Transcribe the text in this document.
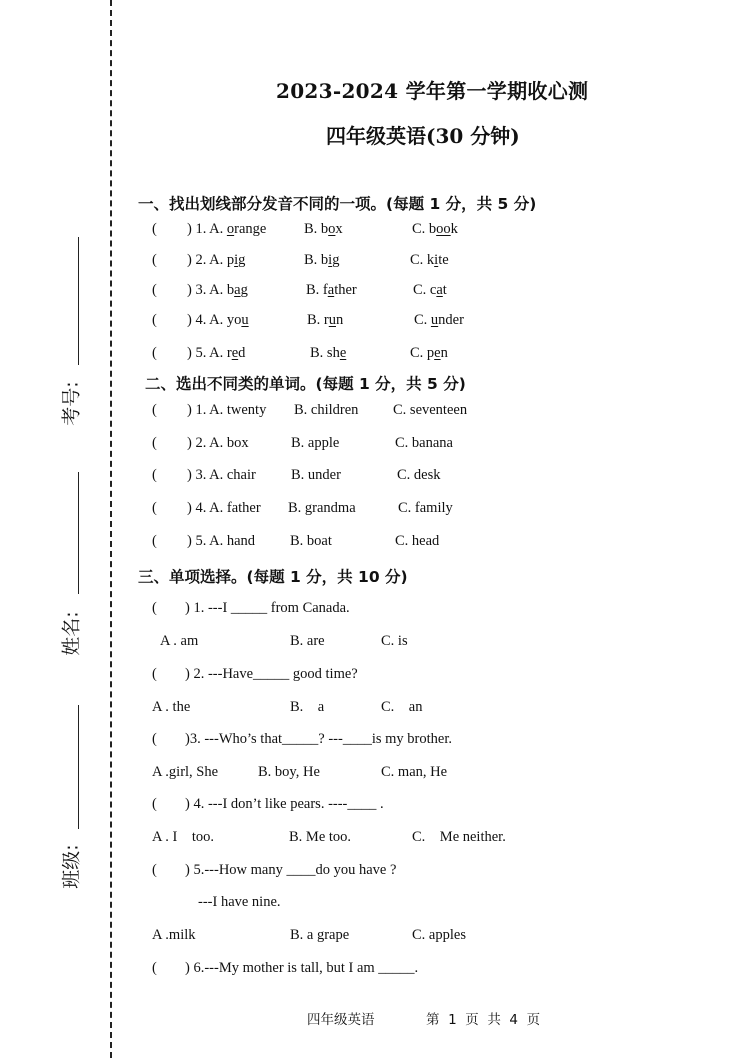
考号:
姓名:
班级:
2023-2024 学年第一学期收心测
四年级英语(30 分钟)
一、找出划线部分发音不同的一项。(每题 1 分，共 5 分)
( ) 1. A. orange	B. box	C. book
( ) 2. A. pig	B. big	C. kite
( ) 3. A. bag	B. father	C. cat
( ) 4. A. you	B. run	C. under
( ) 5. A. red	B. she	C. pen
二、选出不同类的单词。(每题 1 分，共 5 分)
( ) 1. A. twenty B. children C. seventeen
( ) 2. A. box	B. apple	C. banana
( ) 3. A. chair B. under	C. desk
( ) 4. A. father B. grandma	C. family
( ) 5. A. hand B. boat	C. head
三、单项选择。(每题 1 分，共 10 分)
( ) 1. ---I _____ from Canada.
A . am	B. are	C. is
( ) 2. ---Have_____ good time?
A . the	B.    a	C.    an
( )3. ---Who’s that_____? ---____is my brother.
A .girl, She	B. boy, He	C. man, He
( ) 4. ---I don’t like pears. ----____ .
A . I    too.	B. Me too.	C.    Me neither.
( ) 5.---How many ____do you have ?
---I have nine.
A .milk	B. a grape	C. apples
( ) 6.---My mother is tall, but I am _____.
四年级英语	第  1  页  共  4  页
